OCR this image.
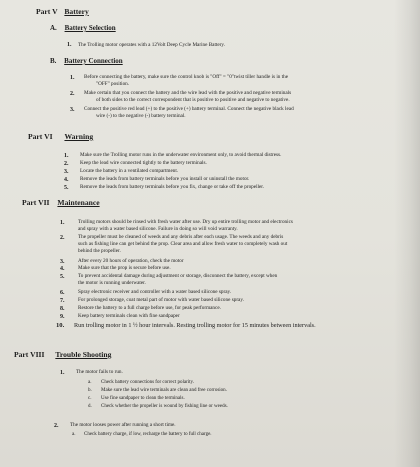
Part V Battery
A. Battery Selection
1. The Trolling motor operates with a 12Volt Deep Cycle Marine Battery.
B. Battery Connection
1. Before connecting the battery, make sure the control knob is "Off" = "0"twist tiller handle is in the
"OFF" position.
2. Make certain that you connect the battery and the wire lead with the positive and negative terminals
of both sides to the correct correspondent that is positive to positive and negative to negative.
3. Connect the positive red lead (+) to the positive (+) battery terminal. Connect the negative black lead
wire (-) to the negative (-) battery terminal.
Part VI Warning
1. Make sure the Trolling motor runs in the underwater environment only, to avoid thermal distress.
2. Keep the lead wire connected tightly to the battery terminals.
3. Locate the battery in a ventilated compartment.
4. Remove the leads from battery terminals before you install or uninstall the motor.
5. Remove the leads from battery terminals before you fix, change or take off the propeller.
Part VII Maintenance
1.	Trolling motors should be rinsed with fresh water after use. Dry up entire trolling motor and electronics
and spray with a water based silicone. Failure in doing so will void warranty.
2.	The propeller must be cleaned of weeds and any debris after each usage. The weeds and any debris
such as fishing line can get behind the prop. Clear area and allow fresh water to completely wash out
behind the propeller.
3.	After every 20 hours of operation, check the motor
4.	Make sure that the prop is secure before use.
5.	To prevent accidental damage during adjustment or storage, disconnect the battery, except when
the motor is running underwater.
6.	Spray electronic receiver and controller with a water based silicone spray.
7.	For prolonged storage, coat metal part of motor with water based silicone spray.
8.	Restore the battery to a full charge before use, for peak performance.
9.	Keep battery terminals clean with fine sandpaper
10. Run trolling motor in 1 ½ hour intervals. Resting trolling motor for 15 minutes between intervals.
Part VIII Trouble Shooting
1. The motor fails to run.
a. Check battery connections for correct polarity.
b. Make sure the lead wire terminals are clean and free corrosion.
c. Use fine sandpaper to clean the terminals.
d. Check whether the propeller is wound by fishing line or weeds.
2. The motor looses power after running a short time.
a. Check battery charge, if low, recharge the battery to full charge.
